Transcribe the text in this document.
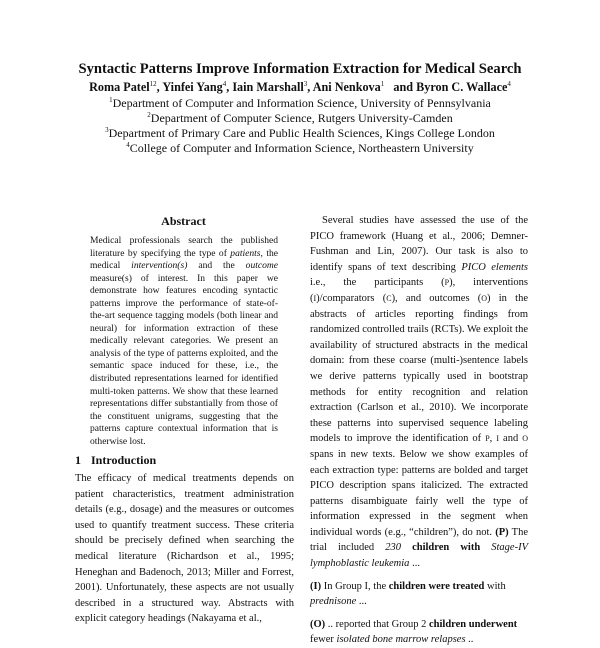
Syntactic Patterns Improve Information Extraction for Medical Search
Roma Patel$^{12}$, Yinfei Yang$^4$, Iain Marshall$^3$, Ani Nenkova$^1$   and Byron C. Wallace$^4$
$^1$Department of Computer and Information Science, University of Pennsylvania
$^2$Department of Computer Science, Rutgers University-Camden
$^3$Department of Primary Care and Public Health Sciences, Kings College London
$^4$College of Computer and Information Science, Northeastern University
Abstract
Medical professionals search the published literature by specifying the type of patients, the medical intervention(s) and the outcome measure(s) of interest. In this paper we demonstrate how features encoding syntactic patterns improve the performance of state-of-the-art sequence tagging models (both linear and neural) for information extraction of these medically relevant categories. We present an analysis of the type of patterns exploited, and the semantic space induced for these, i.e., the distributed representations learned for identified multi-token patterns. We show that these learned representations differ substantially from those of the constituent unigrams, suggesting that the patterns capture contextual information that is otherwise lost.
1 Introduction
The efficacy of medical treatments depends on patient characteristics, treatment administration details (e.g., dosage) and the measures or outcomes used to quantify treatment success. These criteria should be precisely defined when searching the medical literature (Richardson et al., 1995; Heneghan and Badenoch, 2013; Miller and Forrest, 2001). Unfortunately, these aspects are not usually described in a structured way. Abstracts with explicit category headings (Nakayama et al.,

Several studies have assessed the use of the PICO framework (Huang et al., 2006; Demner-Fushman and Lin, 2007). Our task is also to identify spans of text describing PICO elements i.e., the participants (P), interventions (I)/comparators (C), and outcomes (O) in the abstracts of articles reporting findings from randomized controlled trails (RCTs). We exploit the availability of structured abstracts in the medical domain: from these coarse (multi-)sentence labels we derive patterns typically used in bootstrap methods for entity recognition and relation extraction (Carlson et al., 2010). We incorporate these patterns into supervised sequence labeling models to improve the identification of P, I and O spans in new texts. Below we show examples of each extraction type: patterns are bolded and target PICO description spans italicized. The extracted patterns disambiguate fairly well the type of information expressed in the segment when individual words (e.g., “children”), do not. (P) The trial included 230 children with Stage-IV lymphoblastic leukemia ...

(I) In Group I, the children were treated with prednisone ...

(O) .. reported that Group 2 children underwent fewer isolated bone marrow relapses ..
